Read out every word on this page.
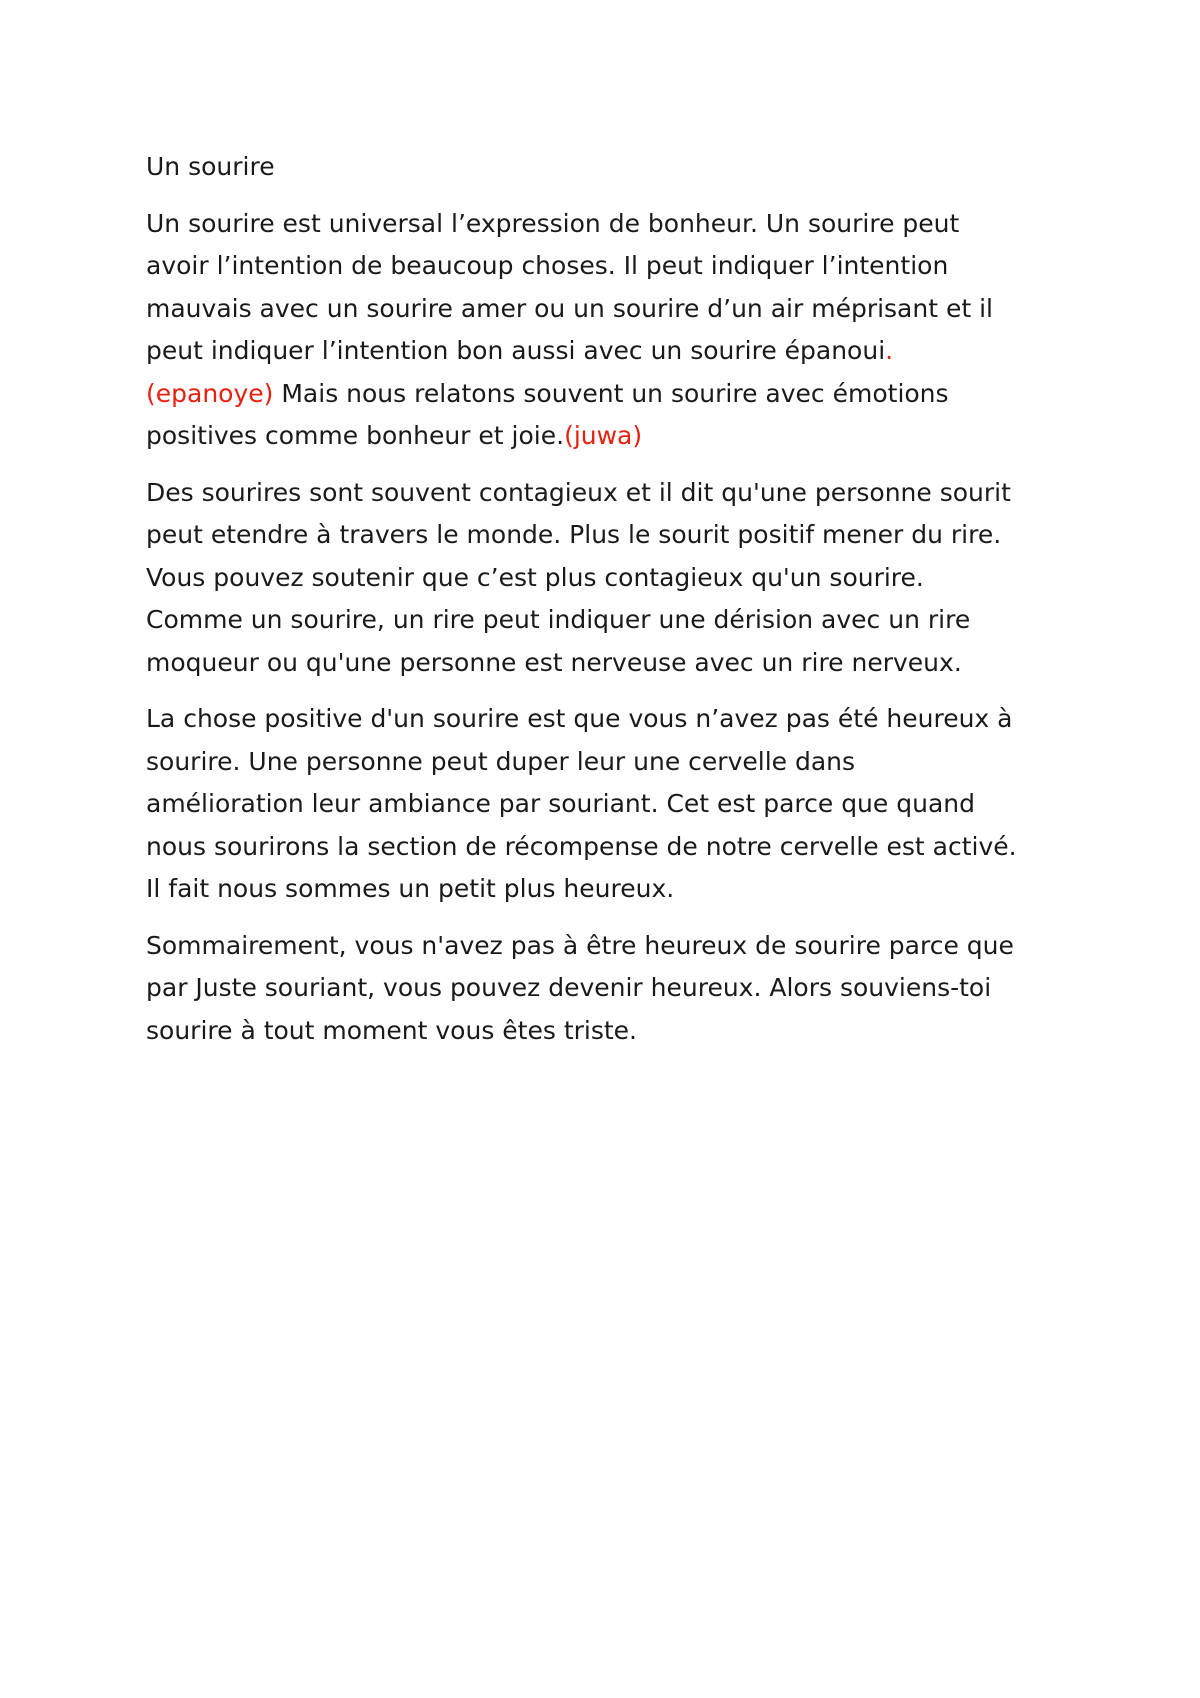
Un sourire

Un sourire est universal l’expression de bonheur. Un sourire peut
avoir l’intention de beaucoup choses. Il peut indiquer l’intention
mauvais avec un sourire amer ou un sourire d’un air méprisant et il
peut indiquer l’intention bon aussi avec un sourire épanoui.
(epanoye) Mais nous relatons souvent un sourire avec émotions
positives comme bonheur et joie.(juwa)

Des sourires sont souvent contagieux et il dit qu'une personne sourit
peut etendre à travers le monde. Plus le sourit positif mener du rire.
Vous pouvez soutenir que c’est plus contagieux qu'un sourire.
Comme un sourire, un rire peut indiquer une dérision avec un rire
moqueur ou qu'une personne est nerveuse avec un rire nerveux.

La chose positive d'un sourire est que vous n’avez pas été heureux à
sourire. Une personne peut duper leur une cervelle dans
amélioration leur ambiance par souriant. Cet est parce que quand
nous sourirons la section de récompense de notre cervelle est activé.
Il fait nous sommes un petit plus heureux.

Sommairement, vous n'avez pas à être heureux de sourire parce que
par Juste souriant, vous pouvez devenir heureux. Alors souviens-toi
sourire à tout moment vous êtes triste.
